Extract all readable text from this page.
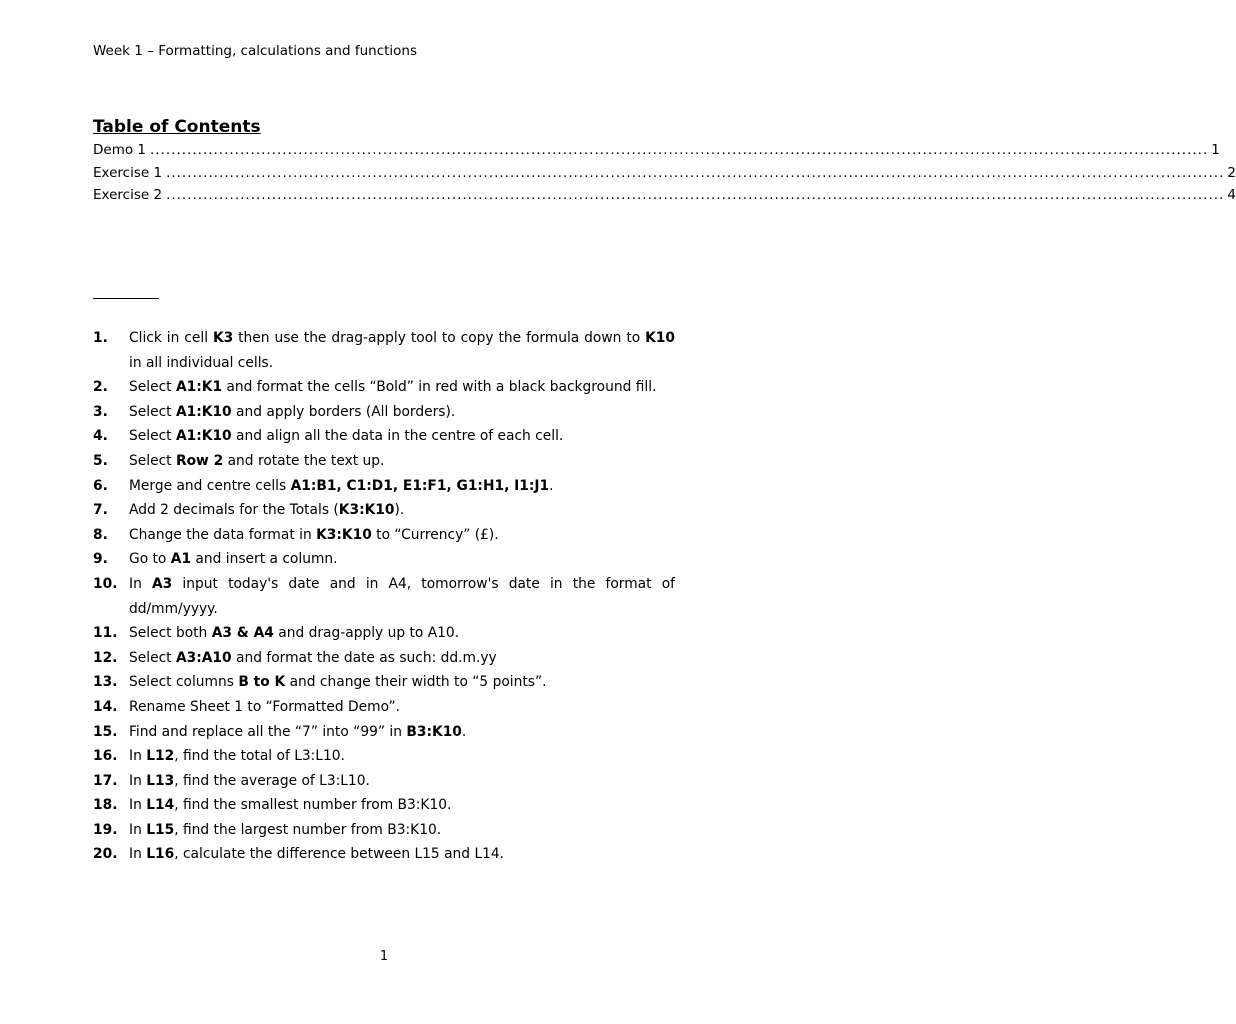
Week 1 – Formatting, calculations and functions
Table of Contents
Demo 1 ........................................................................................................................................................................................................ 1
Exercise 1 ........................................................................................................................................................................................................ 2
Exercise 2 ........................................................................................................................................................................................................ 4
1.	Click in cell K3 then use the drag-apply tool to copy the formula down to K10 in all individual cells.
2.	Select A1:K1 and format the cells “Bold” in red with a black background fill.
3.	Select A1:K10 and apply borders (All borders).
4.	Select A1:K10 and align all the data in the centre of each cell.
5.	Select Row 2 and rotate the text up.
6.	Merge and centre cells A1:B1, C1:D1, E1:F1, G1:H1, I1:J1.
7.	Add 2 decimals for the Totals (K3:K10).
8.	Change the data format in K3:K10 to “Currency” (£).
9.	Go to A1 and insert a column.
10. In A3 input today's date and in A4, tomorrow's date in the format of dd/mm/yyyy.
11. Select both A3 & A4 and drag-apply up to A10.
12. Select A3:A10 and format the date as such: dd.m.yy
13. Select columns B to K and change their width to “5 points”.
14. Rename Sheet 1 to “Formatted Demo”.
15. Find and replace all the “7” into “99” in B3:K10.
16. In L12, find the total of L3:L10.
17. In L13, find the average of L3:L10.
18. In L14, find the smallest number from B3:K10.
19. In L15, find the largest number from B3:K10.
20. In L16, calculate the difference between L15 and L14.
1
